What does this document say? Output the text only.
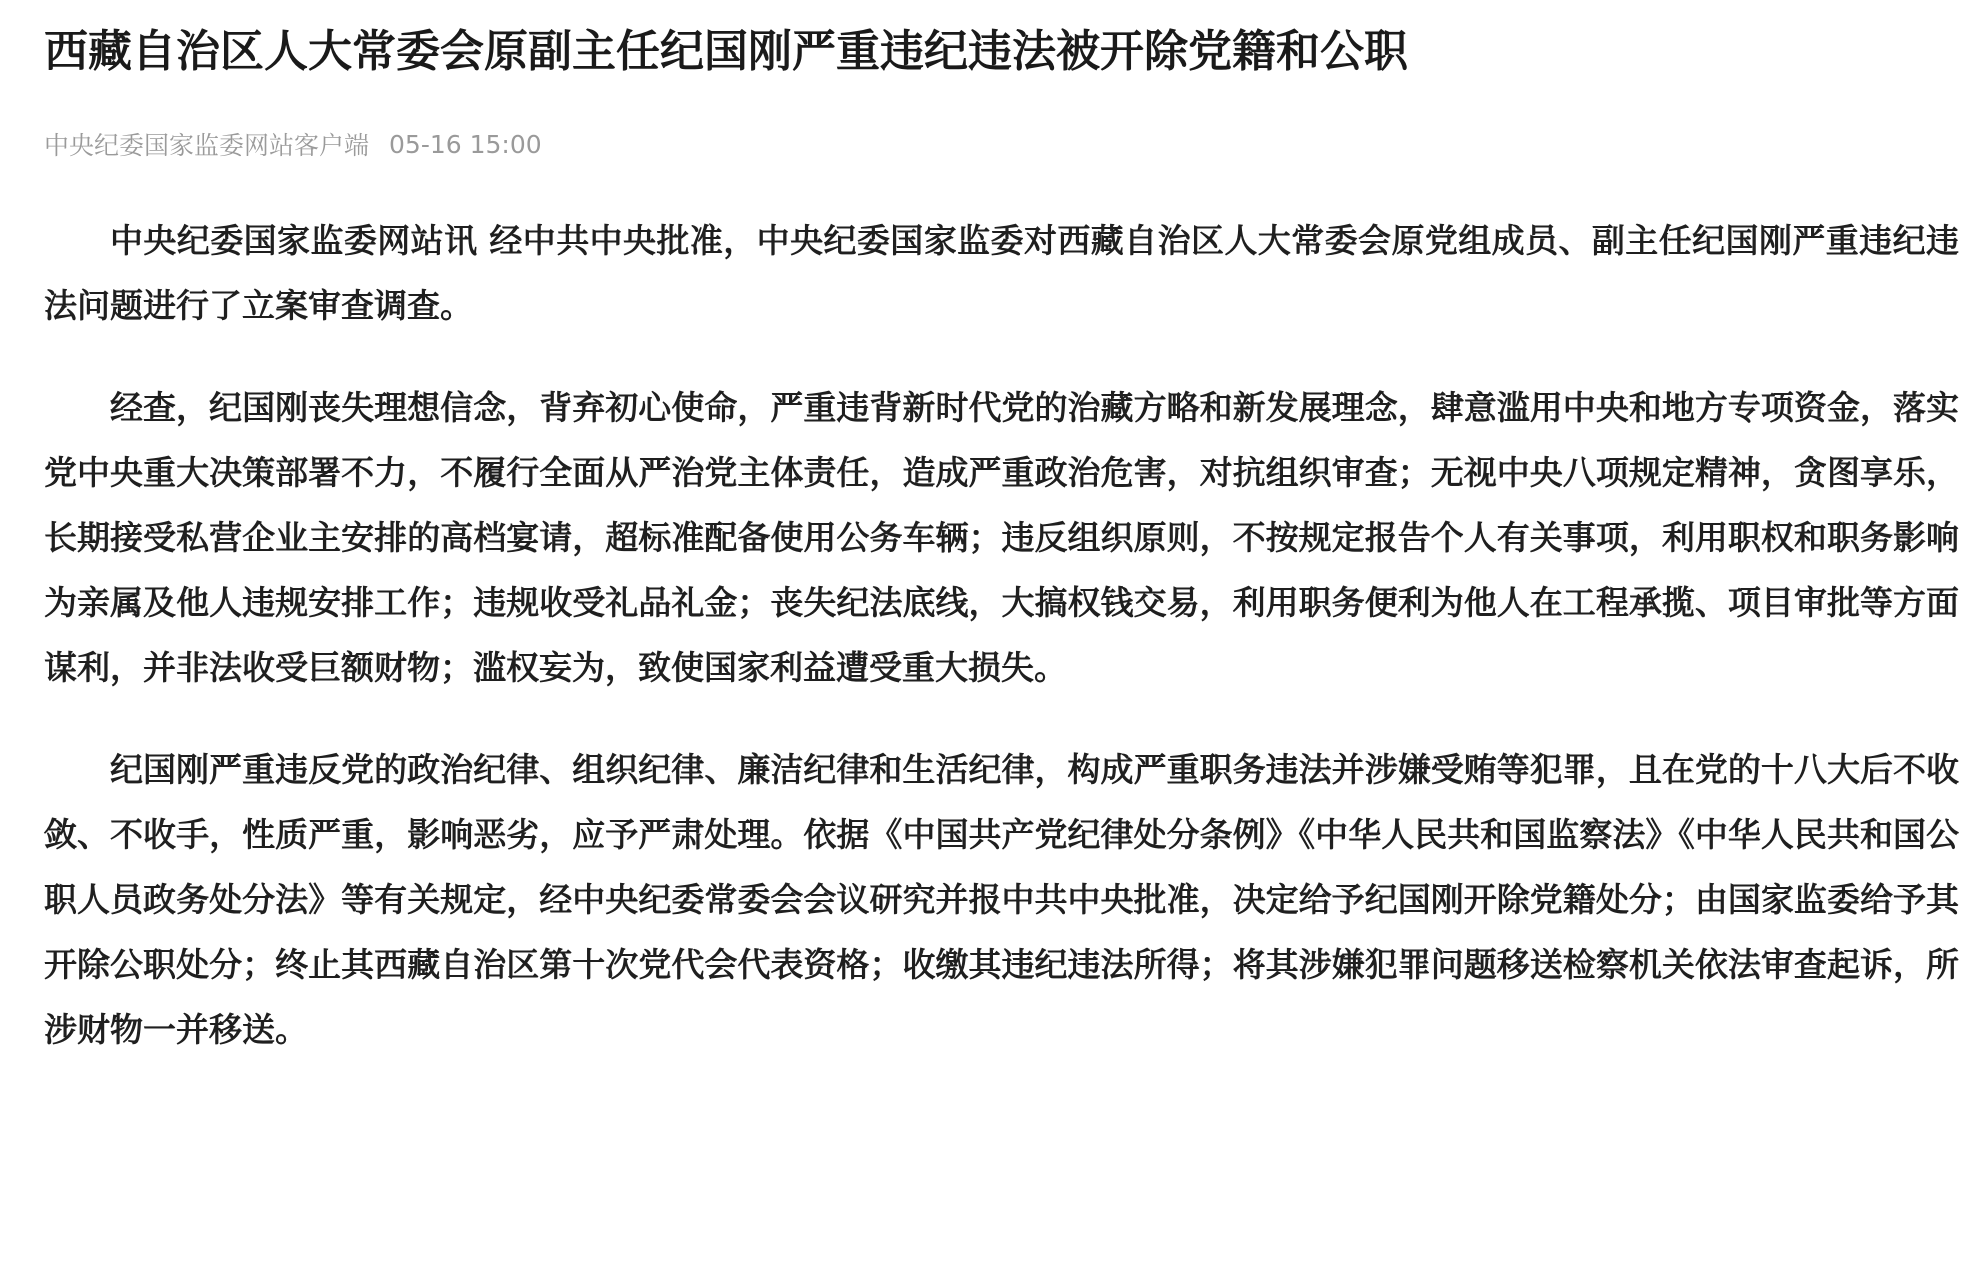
西藏自治区人大常委会原副主任纪国刚严重违纪违法被开除党籍和公职
中央纪委国家监委网站客户端 05-16 15:00

中央纪委国家监委网站讯 经中共中央批准，中央纪委国家监委对西藏自治区人大常委会原党组成员、副主任纪国刚严重违纪违法问题进行了立案审查调查。

经查，纪国刚丧失理想信念，背弃初心使命，严重违背新时代党的治藏方略和新发展理念，肆意滥用中央和地方专项资金，落实党中央重大决策部署不力，不履行全面从严治党主体责任，造成严重政治危害，对抗组织审查；无视中央八项规定精神，贪图享乐，长期接受私营企业主安排的高档宴请，超标准配备使用公务车辆；违反组织原则，不按规定报告个人有关事项，利用职权和职务影响为亲属及他人违规安排工作；违规收受礼品礼金；丧失纪法底线，大搞权钱交易，利用职务便利为他人在工程承揽、项目审批等方面谋利，并非法收受巨额财物；滥权妄为，致使国家利益遭受重大损失。

纪国刚严重违反党的政治纪律、组织纪律、廉洁纪律和生活纪律，构成严重职务违法并涉嫌受贿等犯罪，且在党的十八大后不收敛、不收手，性质严重，影响恶劣，应予严肃处理。依据《中国共产党纪律处分条例》《中华人民共和国监察法》《中华人民共和国公职人员政务处分法》等有关规定，经中央纪委常委会会议研究并报中共中央批准，决定给予纪国刚开除党籍处分；由国家监委给予其开除公职处分；终止其西藏自治区第十次党代会代表资格；收缴其违纪违法所得；将其涉嫌犯罪问题移送检察机关依法审查起诉，所涉财物一并移送。
